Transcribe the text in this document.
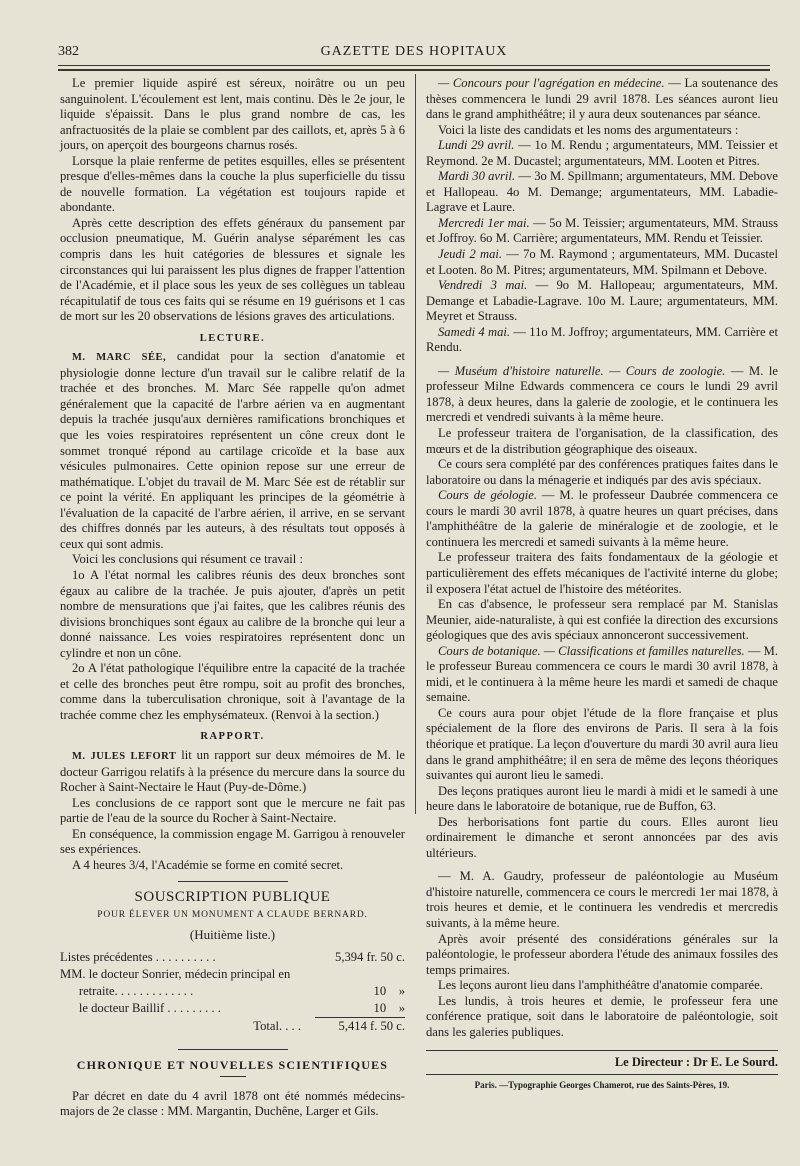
382	GAZETTE DES HOPITAUX

Le premier liquide aspiré est séreux, noirâtre ou un peu sanguinolent. L'écoulement est lent, mais continu. Dès le 2e jour, le liquide s'épaissit. Dans le plus grand nombre de cas, les anfractuosités de la plaie se comblent par des caillots, et, après 5 à 6 jours, on aperçoit des bourgeons charnus rosés.

Lorsque la plaie renferme de petites esquilles, elles se présentent presque d'elles-mêmes dans la couche la plus superficielle du tissu de nouvelle formation. La végétation est toujours rapide et abondante.

Après cette description des effets généraux du pansement par occlusion pneumatique, M. Guérin analyse séparément les cas compris dans les huit catégories de blessures et signale les circonstances qui lui paraissent les plus dignes de frapper l'attention de l'Académie, et il place sous les yeux de ses collègues un tableau récapitulatif de tous ces faits qui se résume en 19 guérisons et 1 cas de mort sur les 20 observations de lésions graves des articulations.

LECTURE.

M. MARC SÉE, candidat pour la section d'anatomie et physiologie donne lecture d'un travail sur le calibre relatif de la trachée et des bronches. M. Marc Sée rappelle qu'on admet généralement que la capacité de l'arbre aérien va en augmentant depuis la trachée jusqu'aux dernières ramifications bronchiques et que les voies respiratoires représentent un cône creux dont le sommet tronqué répond au cartilage cricoïde et la base aux vésicules pulmonaires. Cette opinion repose sur une erreur de mathématique. L'objet du travail de M. Marc Sée est de rétablir sur ce point la vérité. En appliquant les principes de la géométrie à l'évaluation de la capacité de l'arbre aérien, il arrive, en se servant des chiffres donnés par les auteurs, à des résultats tout opposés à ceux qui sont admis.

Voici les conclusions qui résument ce travail :

1o A l'état normal les calibres réunis des deux bronches sont égaux au calibre de la trachée. Je puis ajouter, d'après un petit nombre de mensurations que j'ai faites, que les calibres réunis des divisions bronchiques sont égaux au calibre de la bronche qui leur a donné naissance. Les voies respiratoires représentent donc un cylindre et non un cône.

2o A l'état pathologique l'équilibre entre la capacité de la trachée et celle des bronches peut être rompu, soit au profit des bronches, comme dans la tuberculisation chronique, soit à l'avantage de la trachée comme chez les emphysémateux. (Renvoi à la section.)

RAPPORT.

M. JULES LEFORT lit un rapport sur deux mémoires de M. le docteur Garrigou relatifs à la présence du mercure dans la source du Rocher à Saint-Nectaire le Haut (Puy-de-Dôme.)

Les conclusions de ce rapport sont que le mercure ne fait pas partie de l'eau de la source du Rocher à Saint-Nectaire.

En conséquence, la commission engage M. Garrigou à renouveler ses expériences.

A 4 heures 3/4, l'Académie se forme en comité secret.

SOUSCRIPTION PUBLIQUE
POUR ÉLEVER UN MONUMENT A CLAUDE BERNARD.
(Huitième liste.)
Listes précédentes . . . . . . . . . .	5,394 fr. 50 c.
MM. le docteur Sonrier, médecin principal en	
retraite. . . . . . . . . . . . .	10    »
le docteur Baillif . . . . . . . . .	10    »
Total. . . .	5,414 f. 50 c.
CHRONIQUE ET NOUVELLES SCIENTIFIQUES

Par décret en date du 4 avril 1878 ont été nommés médecins-majors de 2e classe : MM. Margantin, Duchêne, Larger et Gils.

— Concours pour l'agrégation en médecine. — La soutenance des thèses commencera le lundi 29 avril 1878. Les séances auront lieu dans le grand amphithéâtre; il y aura deux soutenances par séance.

Voici la liste des candidats et les noms des argumentateurs :

Lundi 29 avril. — 1o M. Rendu ; argumentateurs, MM. Teissier et Reymond. 2e M. Ducastel; argumentateurs, MM. Looten et Pitres.

Mardi 30 avril. — 3o M. Spillmann; argumentateurs, MM. Debove et Hallopeau. 4o M. Demange; argumentateurs, MM. Labadie-Lagrave et Laure.

Mercredi 1er mai. — 5o M. Teissier; argumentateurs, MM. Strauss et Joffroy. 6o M. Carrière; argumentateurs, MM. Rendu et Teissier.

Jeudi 2 mai. — 7o M. Raymond ; argumentateurs, MM. Ducastel et Looten. 8o M. Pitres; argumentateurs, MM. Spilmann et Debove.

Vendredi 3 mai. — 9o M. Hallopeau; argumentateurs, MM. Demange et Labadie-Lagrave. 10o M. Laure; argumentateurs, MM. Meyret et Strauss.

Samedi 4 mai. — 11o M. Joffroy; argumentateurs, MM. Carrière et Rendu.

— Muséum d'histoire naturelle. — Cours de zoologie. — M. le professeur Milne Edwards commencera ce cours le lundi 29 avril 1878, à deux heures, dans la galerie de zoologie, et le continuera les mercredi et vendredi suivants à la même heure.

Le professeur traitera de l'organisation, de la classification, des mœurs et de la distribution géographique des oiseaux.

Ce cours sera complété par des conférences pratiques faites dans le laboratoire ou dans la ménagerie et indiqués par des avis spéciaux.

Cours de géologie. — M. le professeur Daubrée commencera ce cours le mardi 30 avril 1878, à quatre heures un quart précises, dans l'amphithéâtre de la galerie de minéralogie et de zoologie, et le continuera les mercredi et samedi suivants à la même heure.

Le professeur traitera des faits fondamentaux de la géologie et particulièrement des effets mécaniques de l'activité interne du globe; il exposera l'état actuel de l'histoire des météorites.

En cas d'absence, le professeur sera remplacé par M. Stanislas Meunier, aide-naturaliste, à qui est confiée la direction des excursions géologiques que des avis spéciaux annonceront successivement.

Cours de botanique. — Classifications et familles naturelles. — M. le professeur Bureau commencera ce cours le mardi 30 avril 1878, à midi, et le continuera à la même heure les mardi et samedi de chaque semaine.

Ce cours aura pour objet l'étude de la flore française et plus spécialement de la flore des environs de Paris. Il sera à la fois théorique et pratique. La leçon d'ouverture du mardi 30 avril aura lieu dans le grand amphithéâtre; il en sera de même des leçons théoriques suivantes qui auront lieu le samedi.

Des leçons pratiques auront lieu le mardi à midi et le samedi à une heure dans le laboratoire de botanique, rue de Buffon, 63.

Des herborisations font partie du cours. Elles auront lieu ordinairement le dimanche et seront annoncées par des avis ultérieurs.

— M. A. Gaudry, professeur de paléontologie au Muséum d'histoire naturelle, commencera ce cours le mercredi 1er mai 1878, à trois heures et demie, et le continuera les vendredis et mercredis suivants, à la même heure.

Après avoir présenté des considérations générales sur la paléontologie, le professeur abordera l'étude des animaux fossiles des temps primaires.

Les leçons auront lieu dans l'amphithéâtre d'anatomie comparée.

Les lundis, à trois heures et demie, le professeur fera une conférence pratique, soit dans le laboratoire de paléontologie, soit dans les galeries publiques.

Le Directeur : Dr E. Le Sourd.
Paris. —Typographie Georges Chamerot, rue des Saints-Pères, 19.
